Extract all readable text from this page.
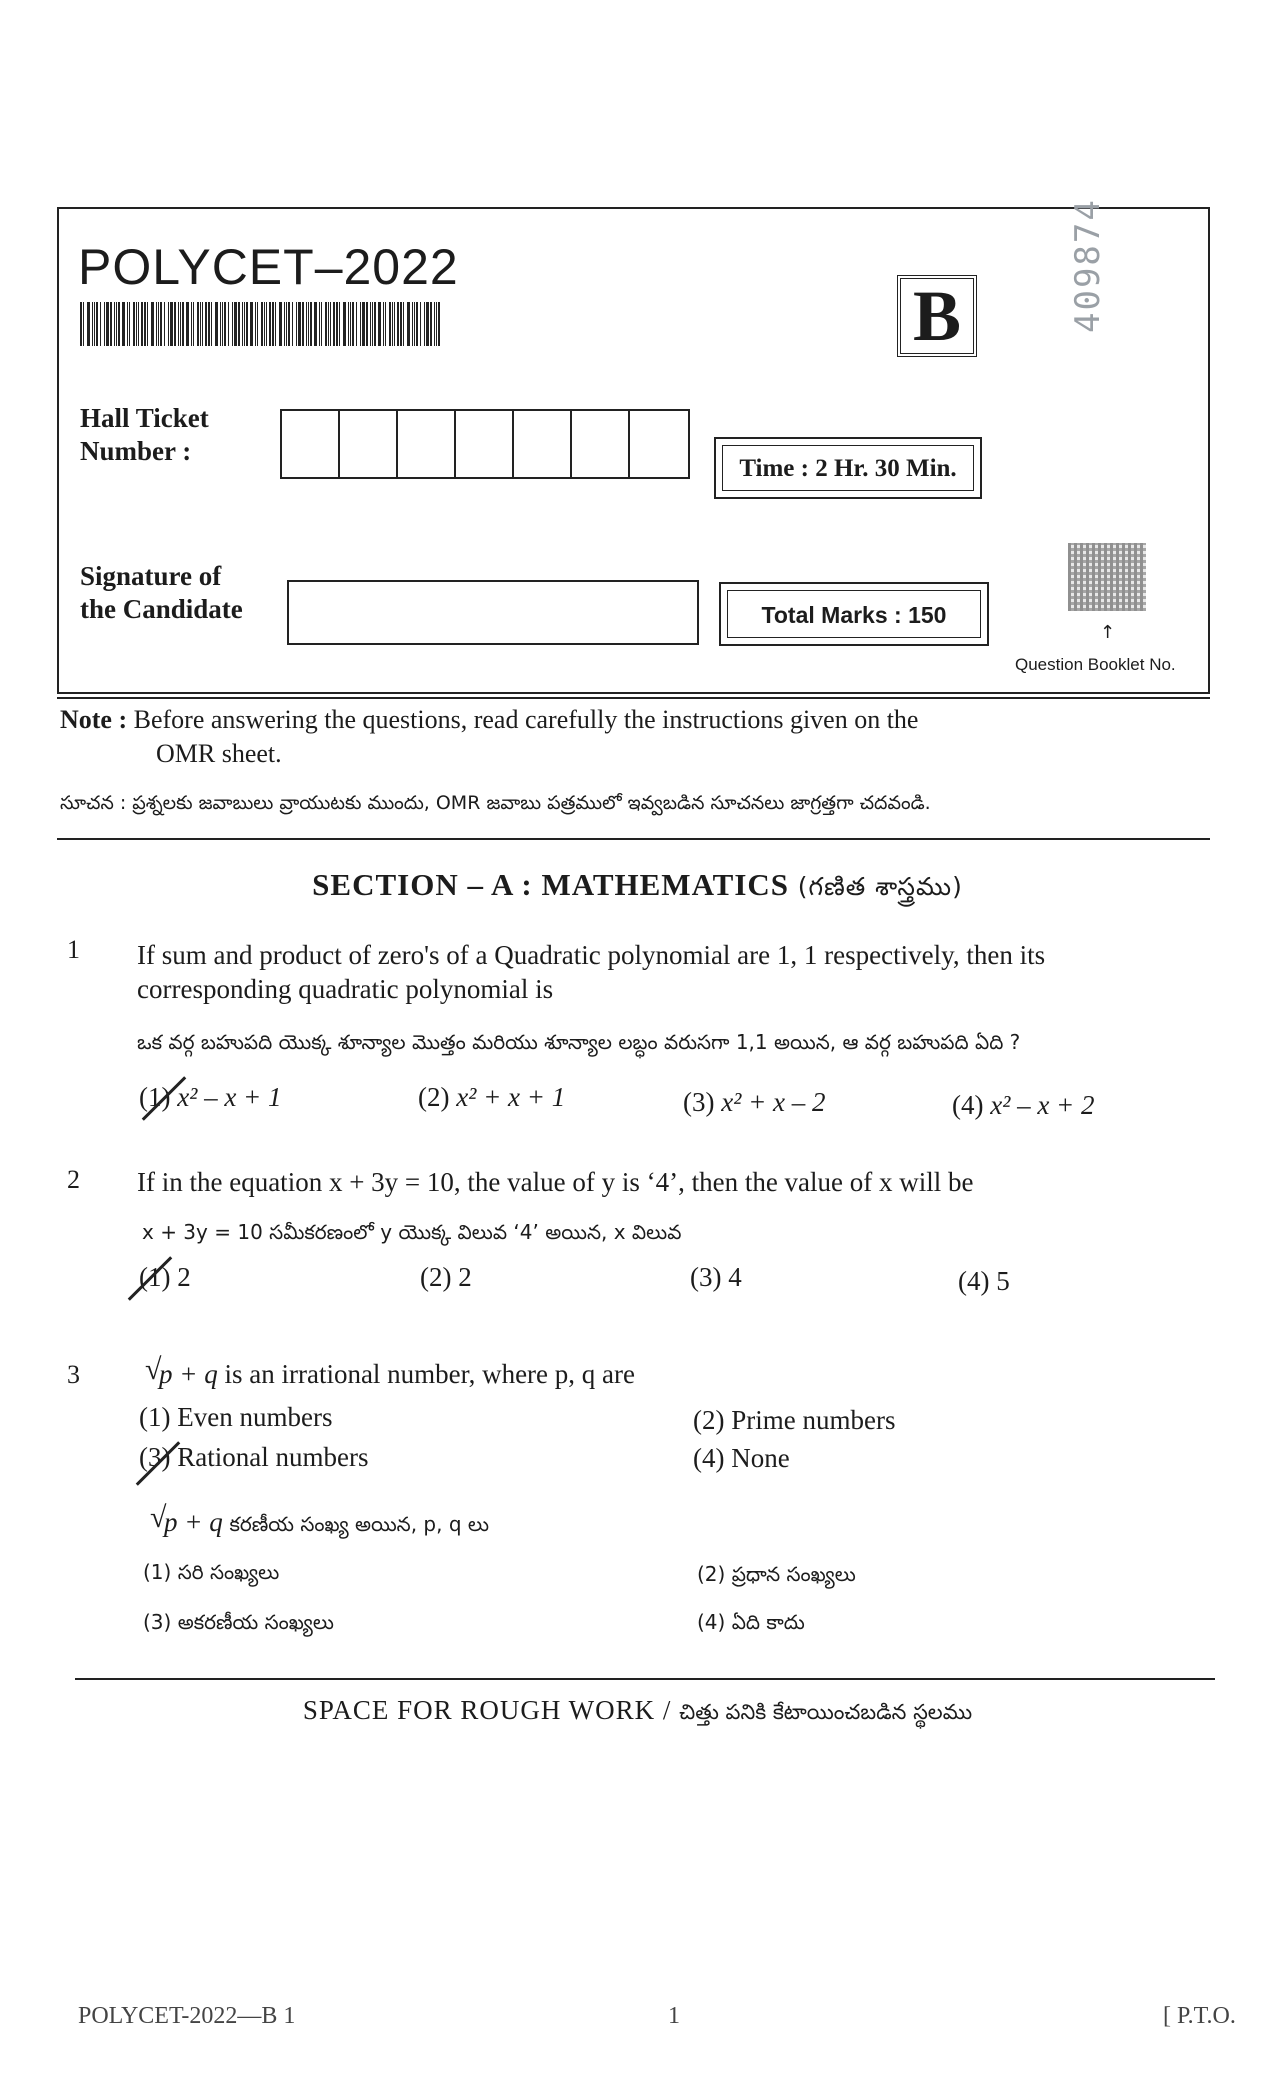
POLYCET–2022
B	409874
↑
Question Booklet No.
Hall Ticket
Number :
Time : 2 Hr. 30 Min.
Signature of
the Candidate	Total Marks : 150
Note : Before answering the questions, read carefully the instructions given on the
OMR sheet.
సూచన : ప్రశ్నలకు జవాబులు వ్రాయుటకు ముందు, OMR జవాబు పత్రములో ఇవ్వబడిన సూచనలు జాగ్రత్తగా చదవండి.
SECTION – A : MATHEMATICS (గణిత శాస్త్రము)
1 If sum and product of zero's of a Quadratic polynomial are 1, 1 respectively, then its
corresponding quadratic polynomial is
ఒక వర్గ బహుపది యొక్క శూన్యాల మొత్తం మరియు శూన్యాల లబ్ధం వరుసగా 1,1 అయిన, ఆ వర్గ బహుపది ఏది ?
(1) x² – x + 1	(2) x² + x + 1	(3) x² + x – 2	(4) x² – x + 2
2 If in the equation x + 3y = 10, the value of y is ‘4’, then the value of x will be
x + 3y = 10 సమీకరణంలో y యొక్క విలువ ‘4’ అయిన, x విలువ
(1) 2	(2) 2	(3) 4	(4) 5
3
√	p + q is an irrational number, where p, q are
(1) Even numbers	(2) Prime numbers
(3) Rational numbers	(4) None
√ p + q కరణీయ సంఖ్య అయిన, p, q లు
(1) సరి సంఖ్యలు	(2) ప్రధాన సంఖ్యలు
(3) అకరణీయ సంఖ్యలు	(4) ఏది కాదు
SPACE FOR ROUGH WORK / చిత్తు పనికి కేటాయించబడిన స్థలము
POLYCET-2022—B 1	1	[ P.T.O.
